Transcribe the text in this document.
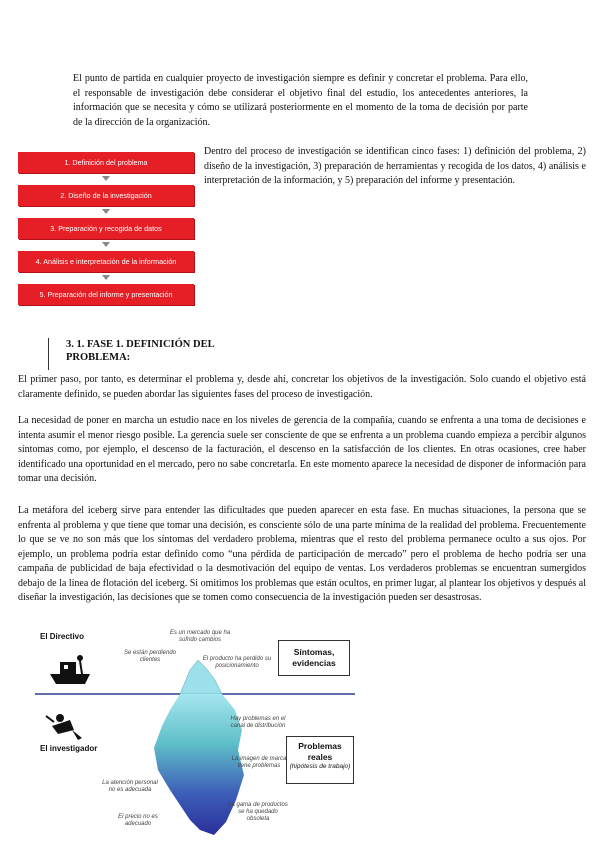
El punto de partida en cualquier proyecto de investigación siempre es definir y concretar el problema. Para ello, el responsable de investigación debe considerar el objetivo final del estudio, los antecedentes anteriores, la información que se necesita y cómo se utilizará posteriormente en el momento de la toma de decisión por parte de la dirección de la organización.

1. Definición del problema
2. Diseño de la investigación
3. Preparación y recogida de datos
4. Análisis e interpretación de la información
5. Preparación del informe y presentación

Dentro del proceso de investigación se identifican cinco fases: 1) definición del problema, 2) diseño de la investigación, 3) preparación de herramientas y recogida de los datos, 4) análisis e interpretación de la información, y 5) preparación del informe y presentación.

3. 1. FASE 1. DEFINICIÓN DEL PROBLEMA:

El primer paso, por tanto, es determinar el problema y, desde ahí, concretar los objetivos de la investigación. Solo cuando el objetivo está claramente definido, se pueden abordar las siguientes fases del proceso de investigación.

La necesidad de poner en marcha un estudio nace en los niveles de gerencia de la compañía, cuando se enfrenta a una toma de decisiones e intenta asumir el menor riesgo posible. La gerencia suele ser consciente de que se enfrenta a un problema cuando empieza a percibir algunos síntomas como, por ejemplo, el descenso de la facturación, el descenso en la satisfacción de los clientes. En otras ocasiones, cree haber identificado una oportunidad en el mercado, pero no sabe concretarla. En este momento aparece la necesidad de disponer de información para tomar una decisión.

La metáfora del iceberg sirve para entender las dificultades que pueden aparecer en esta fase. En muchas situaciones, la persona que se enfrenta al problema y que tiene que tomar una decisión, es consciente sólo de una parte mínima de la realidad del problema. Frecuentemente lo que se ve no son más que los síntomas del verdadero problema, mientras que el resto del problema permanece oculto a sus ojos. Por ejemplo, un problema podría estar definido como “una pérdida de participación de mercado” pero el problema de hecho podría ser una campaña de publicidad de baja efectividad o la desmotivación del equipo de ventas. Los verdaderos problemas se encuentran sumergidos debajo de la línea de flotación del iceberg. Si omitimos los problemas que están ocultos, en primer lugar, al plantear los objetivos y después al diseñar la investigación, las decisiones que se tomen como consecuencia de la investigación pueden ser desastrosas.

El Directivo
El investigador
Síntomas, evidencias
Problemas reales
(hipótesis de trabajo)
Es un mercado que ha sufrido cambios
Se están perdiendo clientes	El producto ha perdido su posicionamiento
Hay problemas en el canal de distribución
La imagen de marca tiene problemas
La atención personal no es adecuada
El precio no es adecuado
La gama de productos se ha quedado obsoleta
